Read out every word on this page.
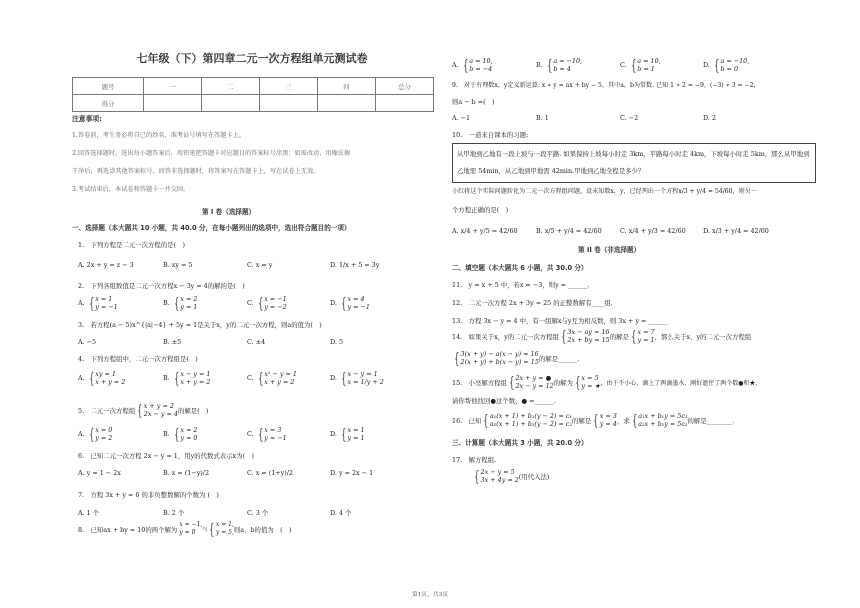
七年级（下）第四章二元一次方程组单元测试卷
题号	一	二	三	四	总分
得分					
注意事项:
1.答卷前，考生务必将自己的姓名、准考证号填写在答题卡上。
2.回答选择题时，选出每小题答案后，用铅笔把答题卡对应题目的答案标号涂黑；如需改动，用橡皮擦
干净后，再选涂其他答案标号。回答非选择题时，将答案写在答题卡上，写在试卷上无效。
3.考试结束后，本试卷和答题卡一并交回。
第 I 卷（选择题）
一、选择题（本大题共 10 小题，共 40.0 分，在每小题列出的选项中，选出符合题目的一项）
1.　下列方程是二元一次方程的是(　)
A. 2x + y = z − 3	B. xy = 5	C. x = y	D. 1/x + 5 = 3y
2.　下列各组数值是二元一次方程x − 3y = 4的解的是(　)
A. { x = 1
y = −1	B. { x = 2
y = 1	C. { x = −1
y = −2	D. { x = 4
y = −1
3.　若方程(a − 5)x^{|a|−4} + 5y = 1是关于x，y的二元一次方程，则a的值为(　)
A. −5	B. ±5	C. ±4	D. 5
4.　下列方程组中，二元一次方程组是(　)
A. { xy = 1
x + y = 2	B. { x − y = 1
x + y = 2	C. { x² − y = 1
x + y = 2	D. { x − y = 1
x = 1/y + 2
5.　二元一次方程组 { x + y = 2
2x − y = 4 的解是(　)
A. { x = 0
y = 2	B. { x = 2
y = 0	C. { x = 3
y = −1	D. { x = 1
y = 1
6.　已知二元一次方程 2x − y = 1，用y的代数式表示x为(　)
A. y = 1 − 2x	B. x = (1−y)/2	C. x = (1+y)/2	D. y = 2x − 1
7.　方程 3x + y = 6 的非负整数解的个数为 (　)
A. 1 个	B. 2 个	C. 3 个	D. 4 个
8.　已知ax + by = 10的两个解为

x = −1,
y = 0	与 { x = 1,
y = 5, 则a，b的值为　(　)
A. { a = 10,
b = −4	B. { a = −10,
b = 4	C. { a = 10,
b = 1	D. { a = −10,
b = 0
9.　对于有理数x，y定义新运算: x ∗ y = ax + by − 5，其中a，b为常数. 已知 1 ∗ 2 = −9，(−3) ∗ 3 = −2，
则a − b =(　)
A. −1	B. 1	C. −2	D. 2
10.　一道来自课本的习题:
从甲地到乙地有一段上坡与一段平路. 如果保持上坡每小时走 3km，平路每小时走 4km，下坡每小时走 5km，那么从甲地到乙地需 54min，从乙地到甲地需 42min.甲地到乙地全程是多少？
小红将这个实际问题转化为二元一次方程组问题，设未知数x，y，已经列出一个方程x/3 + y/4 = 54/60，则另一
个方程正确的是(　)
A. x/4 + y/5 = 42/60	B. x/5 + y/4 = 42/60	C. x/4 + y/3 = 42/60	D. x/3 + y/4 = 42/60
第 II 卷（非选择题）
二、填空题（本大题共 6 小题，共 30.0 分）
11.　y = x + 5 中，若x = −3，则y = ______.
12.　二元一次方程 2x + 3y = 25 的正整数解有____组.
13.　方程 3x − y = 4 中，有一组解x与y互为相反数，则 3x + y = ______
14.　如果关于x，y的二元一次方程组 { 3x − ay = 16
2x + by = 15 的解是 { x = 7
y = 1 ，那么关于x，y的二元一次方程组
{ 3(x + y) − a(x − y) = 16
2(x + y) + b(x − y) = 15 的解是______.
15.　小亮解方程组 { 2x + y = ●
2x − y = 12 的解为 { x = 5
y = ★ ，由于不小心，滴上了两滴墨水，刚好遮住了两个数●和★，
请你帮他找回●这个数，● =______.
16.　已知 { a₁(x + 1) + b₁(y − 2) = c₁
a₂(x + 1) + b₂(y − 2) = c₂ 的解是 { x = 3
y = 4 ，求 { a₁x + b₁y = 5c₁
a₂x + b₂y = 5c₂ 的解是________.
三、计算题（本大题共 3 小题，共 20.0 分）
17.　解方程组.
{ 2x − y = 5
3x + 4y = 2 (用代入法)
第1页，共3页
